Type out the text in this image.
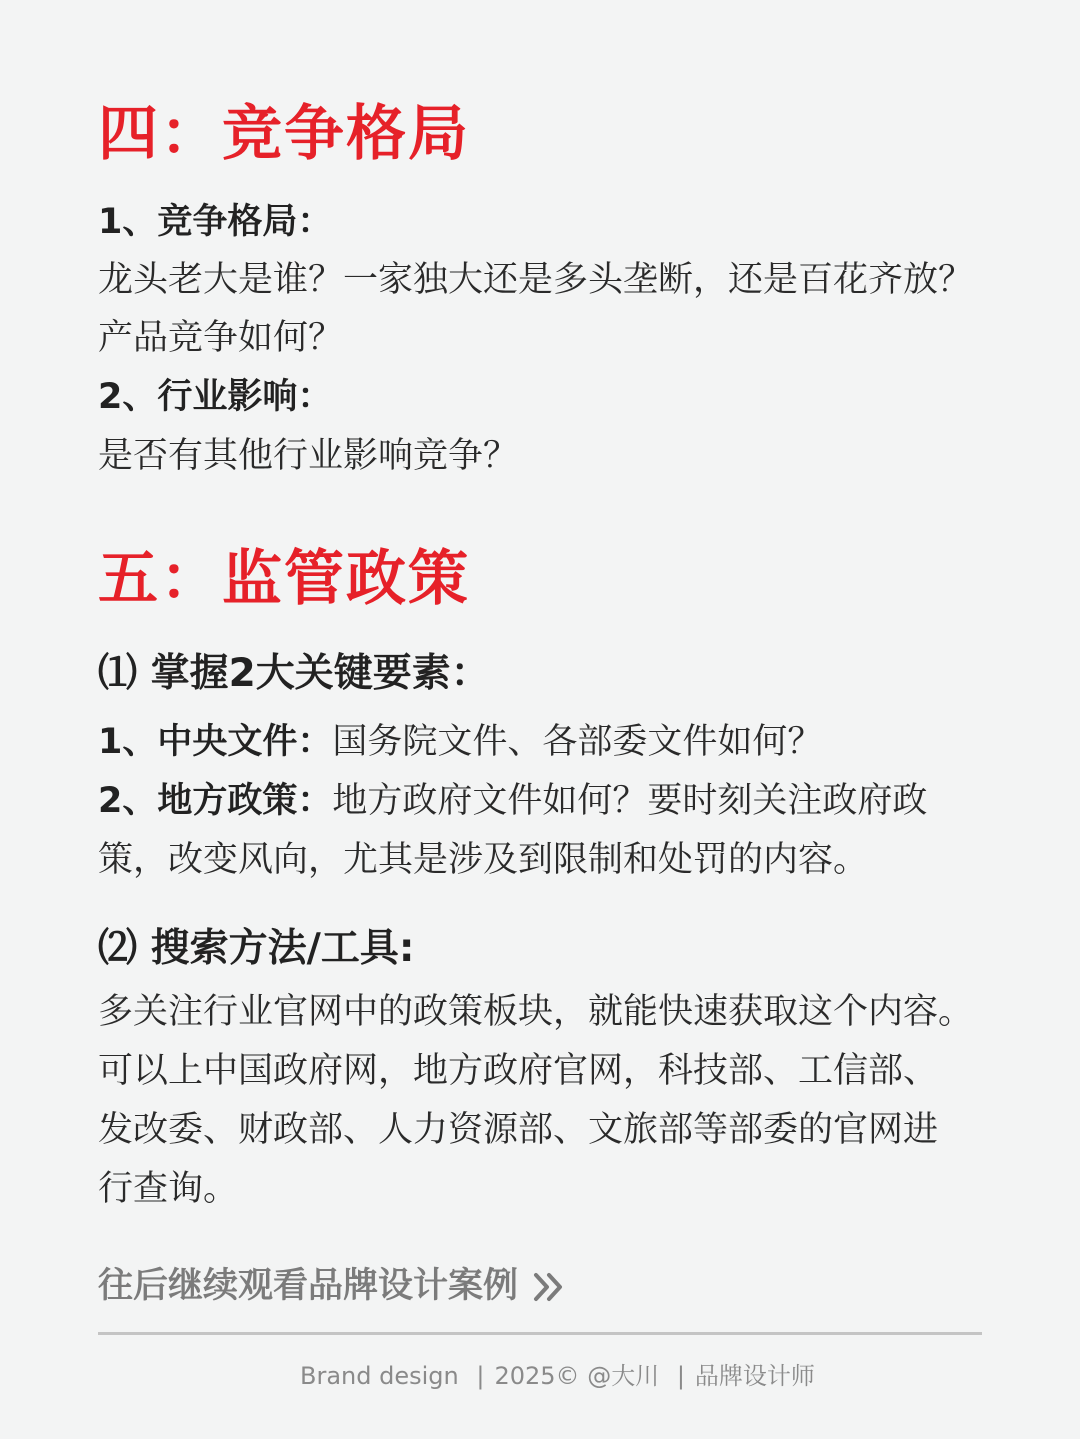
四：竞争格局
1、竞争格局：
龙头老大是谁？一家独大还是多头垄断，还是百花齐放？
产品竞争如何？
2、行业影响：
是否有其他行业影响竞争？
五：监管政策
⑴ 掌握2大关键要素：
1、中央文件：国务院文件、各部委文件如何？
2、地方政策：地方政府文件如何？要时刻关注政府政
策，改变风向，尤其是涉及到限制和处罚的内容。
⑵ 搜索方法/工具:
多关注行业官网中的政策板块，就能快速获取这个内容。
可以上中国政府网，地方政府官网，科技部、工信部、
发改委、财政部、人力资源部、文旅部等部委的官网进
行查询。
往后继续观看品牌设计案例
Brand design | 2025© @大川 | 品牌设计师
